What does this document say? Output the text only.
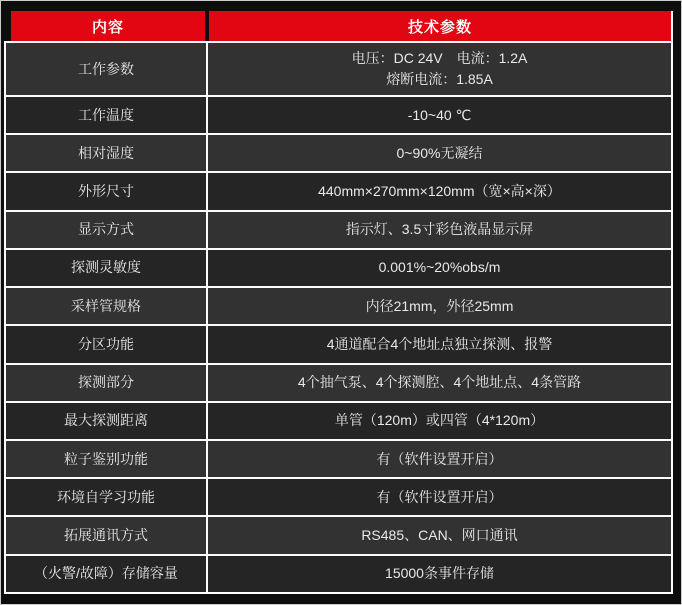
内容	技术参数
工作参数	电压：DC 24V　电流：1.2A
熔断电流：1.85A

工作温度	-10~40 ℃

相对湿度	0~90%无凝结

外形尺寸	440mm×270mm×120mm（宽×高×深）

显示方式	指示灯、3.5寸彩色液晶显示屏

探测灵敏度	0.001%~20%obs/m

采样管规格	内径21mm，外径25mm

分区功能	4通道配合4个地址点独立探测、报警

探测部分	4个抽气泵、4个探测腔、4个地址点、4条管路

最大探测距离	单管（120m）或四管（4*120m）

粒子鉴别功能	有（软件设置开启）

环境自学习功能	有（软件设置开启）

拓展通讯方式	RS485、CAN、网口通讯

（火警/故障）存储容量	15000条事件存储
